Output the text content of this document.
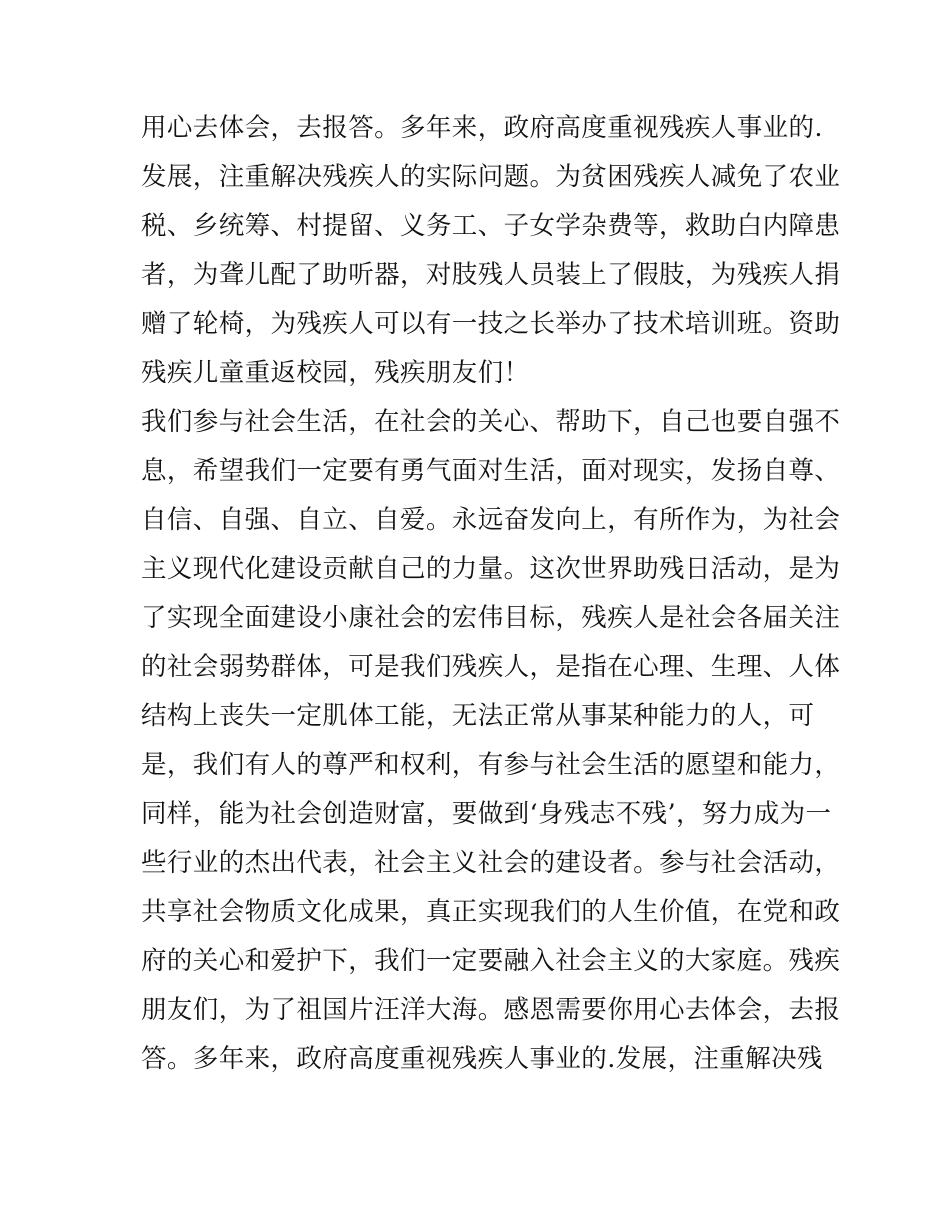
用心去体会，去报答。多年来，政府高度重视残疾人事业的.
发展，注重解决残疾人的实际问题。为贫困残疾人减免了农业
税、乡统筹、村提留、义务工、子女学杂费等，救助白内障患
者，为聋儿配了助听器，对肢残人员装上了假肢，为残疾人捐
赠了轮椅，为残疾人可以有一技之长举办了技术培训班。资助
残疾儿童重返校园，残疾朋友们！
我们参与社会生活，在社会的关心、帮助下，自己也要自强不
息，希望我们一定要有勇气面对生活，面对现实，发扬自尊、
自信、自强、自立、自爱。永远奋发向上，有所作为，为社会
主义现代化建设贡献自己的力量。这次世界助残日活动，是为
了实现全面建设小康社会的宏伟目标，残疾人是社会各届关注
的社会弱势群体，可是我们残疾人，是指在心理、生理、人体
结构上丧失一定肌体工能，无法正常从事某种能力的人，可
是，我们有人的尊严和权利，有参与社会生活的愿望和能力，
同样，能为社会创造财富，要做到‘身残志不残’，努力成为一
些行业的杰出代表，社会主义社会的建设者。参与社会活动，
共享社会物质文化成果，真正实现我们的人生价值，在党和政
府的关心和爱护下，我们一定要融入社会主义的大家庭。残疾
朋友们，为了祖国片汪洋大海。感恩需要你用心去体会，去报
答。多年来，政府高度重视残疾人事业的.发展，注重解决残
